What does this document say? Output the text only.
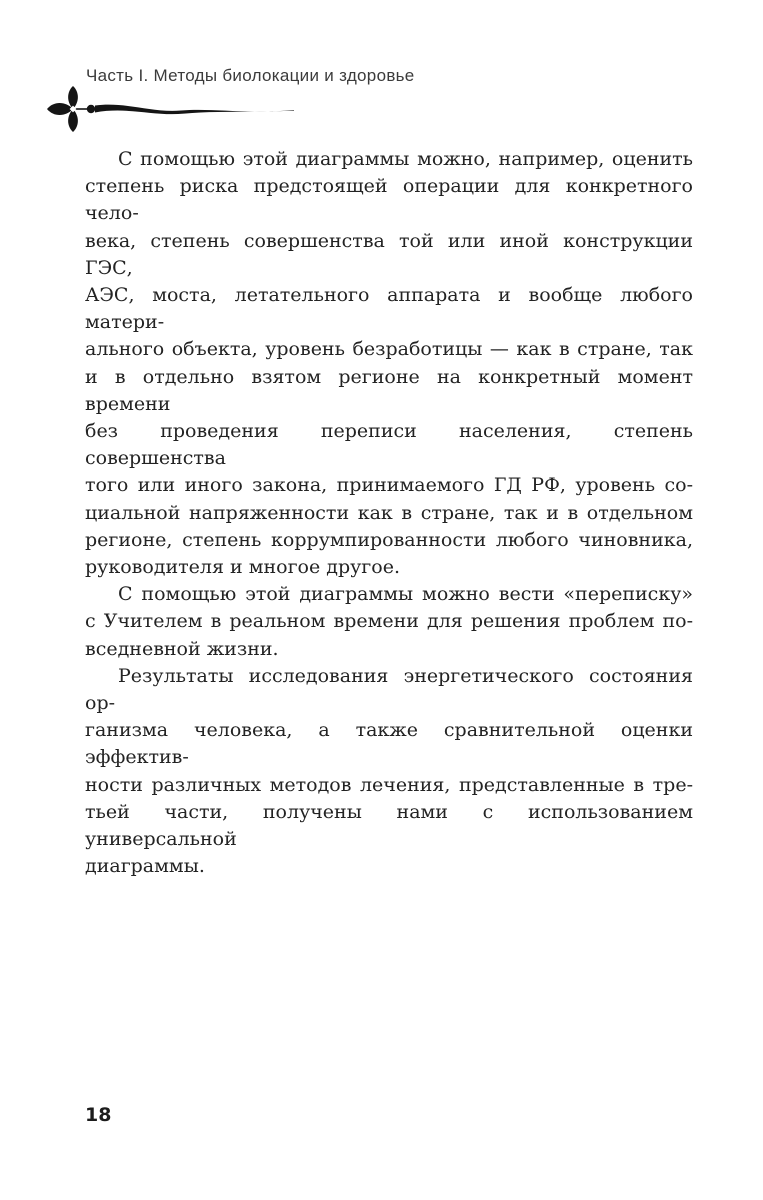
Часть I. Методы биолокации и здоровье
С помощью этой диаграммы можно, например, оценить
степень риска предстоящей операции для конкретного чело-
века, степень совершенства той или иной конструкции ГЭС,
АЭС, моста, летательного аппарата и вообще любого матери-
ального объекта, уровень безработицы — как в стране, так
и в отдельно взятом регионе на конкретный момент времени
без проведения переписи населения, степень совершенства
того или иного закона, принимаемого ГД РФ, уровень со-
циальной напряженности как в стране, так и в отдельном
регионе, степень коррумпированности любого чиновника,
руководителя и многое другое.
С помощью этой диаграммы можно вести «переписку»
с Учителем в реальном времени для решения проблем по-
вседневной жизни.
Результаты исследования энергетического состояния ор-
ганизма человека, а также сравнительной оценки эффектив-
ности различных методов лечения, представленные в тре-
тьей части, получены нами с использованием универсальной
диаграммы.
18
